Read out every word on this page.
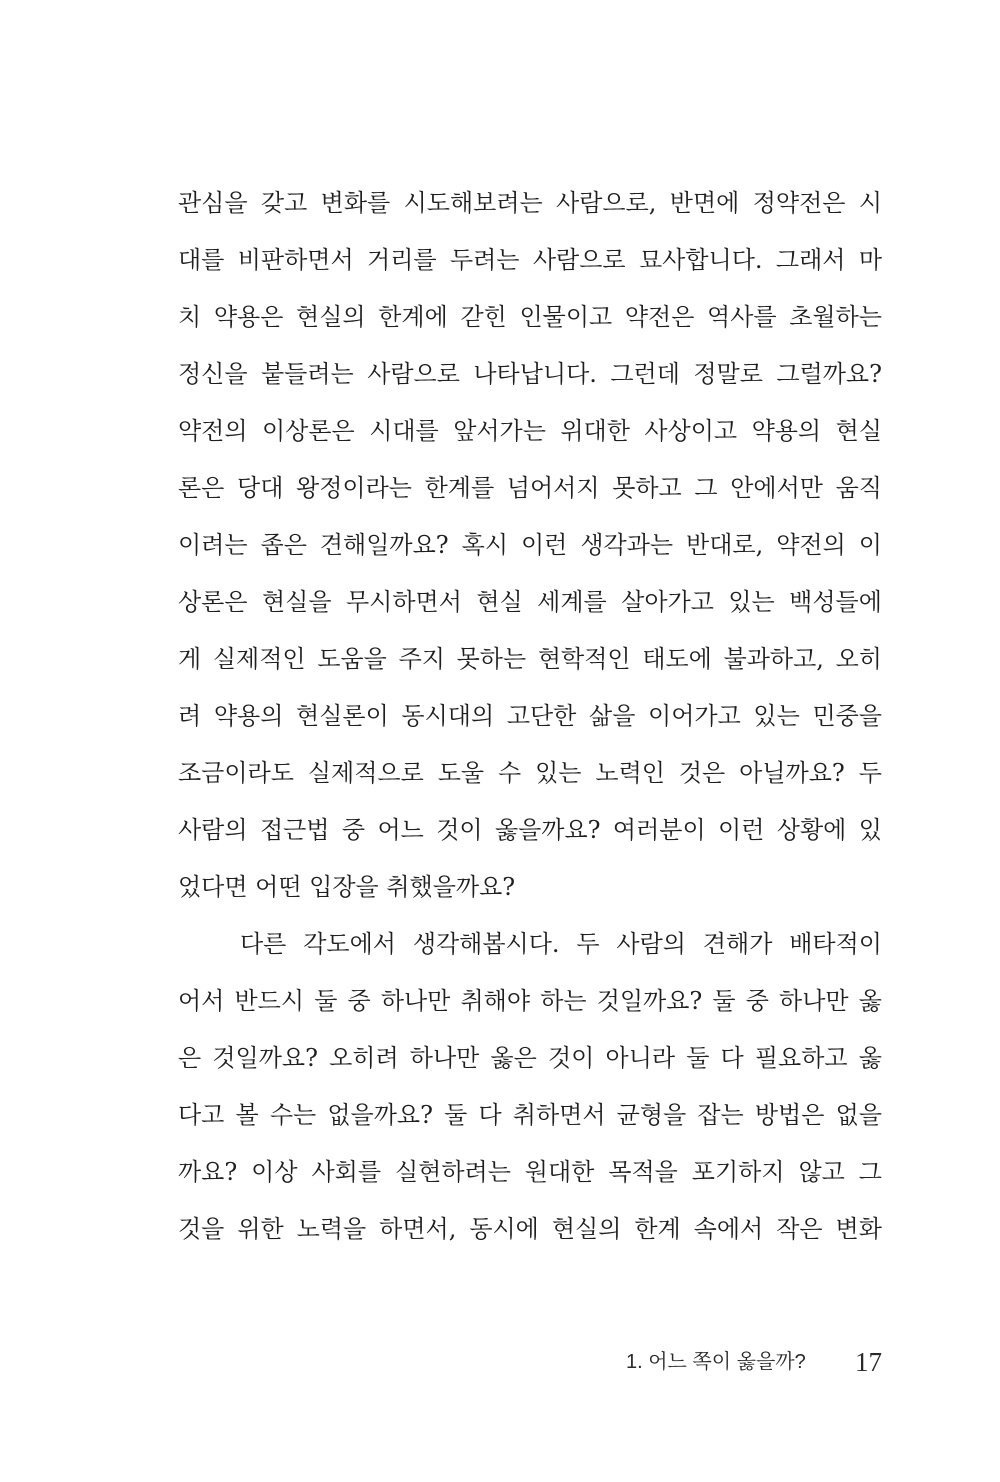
관심을 갖고 변화를 시도해보려는 사람으로, 반면에 정약전은 시
대를 비판하면서 거리를 두려는 사람으로 묘사합니다. 그래서 마
치 약용은 현실의 한계에 갇힌 인물이고 약전은 역사를 초월하는
정신을 붙들려는 사람으로 나타납니다. 그런데 정말로 그럴까요?
약전의 이상론은 시대를 앞서가는 위대한 사상이고 약용의 현실
론은 당대 왕정이라는 한계를 넘어서지 못하고 그 안에서만 움직
이려는 좁은 견해일까요? 혹시 이런 생각과는 반대로, 약전의 이
상론은 현실을 무시하면서 현실 세계를 살아가고 있는 백성들에
게 실제적인 도움을 주지 못하는 현학적인 태도에 불과하고, 오히
려 약용의 현실론이 동시대의 고단한 삶을 이어가고 있는 민중을
조금이라도 실제적으로 도울 수 있는 노력인 것은 아닐까요? 두
사람의 접근법 중 어느 것이 옳을까요? 여러분이 이런 상황에 있
었다면 어떤 입장을 취했을까요?
다른 각도에서 생각해봅시다. 두 사람의 견해가 배타적이
어서 반드시 둘 중 하나만 취해야 하는 것일까요? 둘 중 하나만 옳
은 것일까요? 오히려 하나만 옳은 것이 아니라 둘 다 필요하고 옳
다고 볼 수는 없을까요? 둘 다 취하면서 균형을 잡는 방법은 없을
까요? 이상 사회를 실현하려는 원대한 목적을 포기하지 않고 그
것을 위한 노력을 하면서, 동시에 현실의 한계 속에서 작은 변화
1. 어느 쪽이 옳을까? 17
